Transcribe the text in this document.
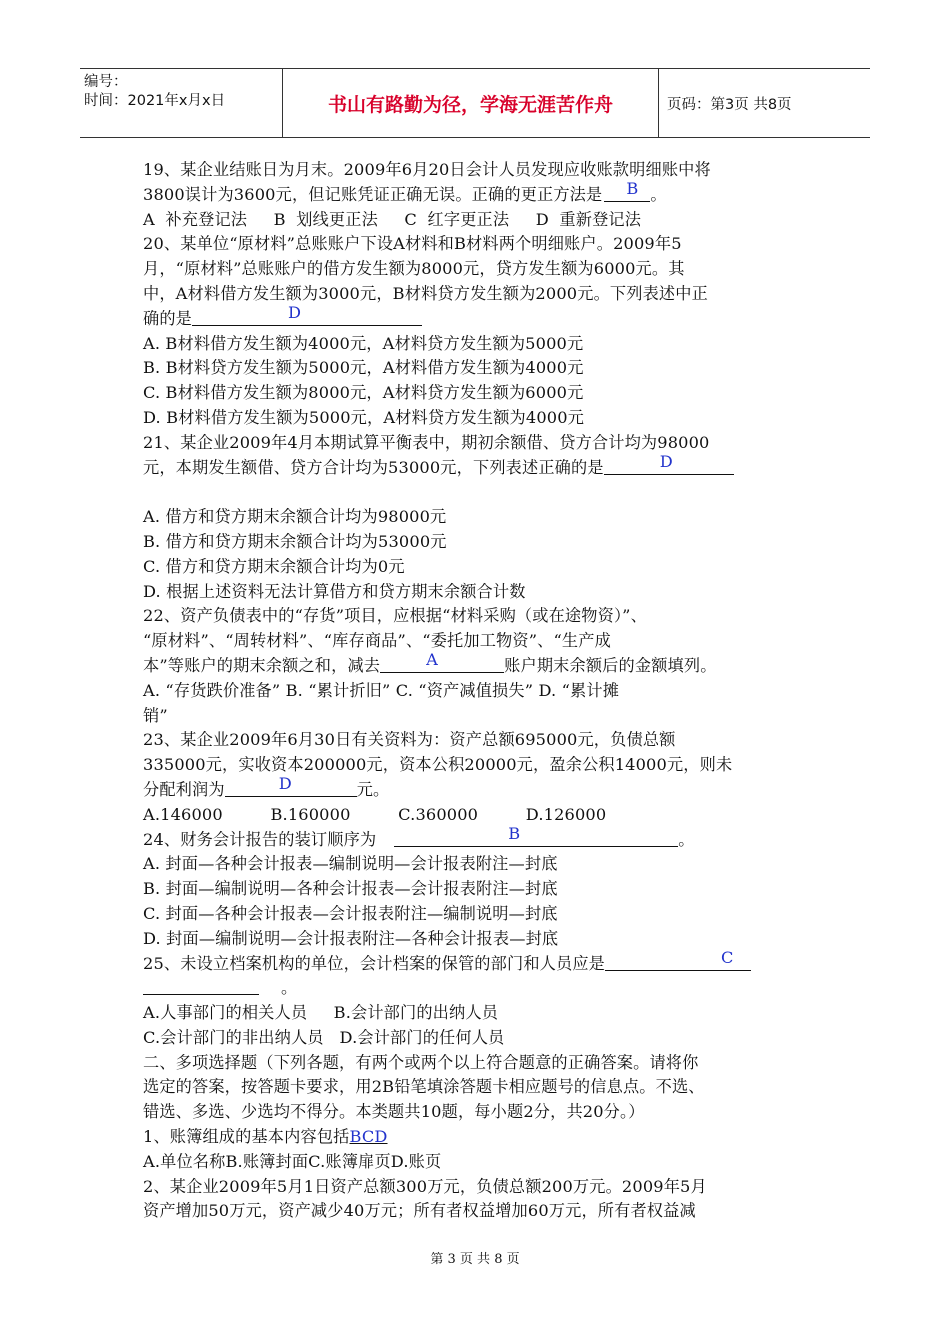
编号：
时间：2021年x月x日	书山有路勤为径，学海无涯苦作舟	页码：第3页 共8页
19、某企业结账日为月末。2009年6月20日会计人员发现应收账款明细账中将
3800误计为3600元，但记账凭证正确无误。正确的更正方法是 B 。
A  补充登记法     B  划线更正法     C  红字更正法     D  重新登记法
20、某单位“原材料”总账账户下设A材料和B材料两个明细账户。2009年5
月，“原材料”总账账户的借方发生额为8000元，贷方发生额为6000元。其
中，A材料借方发生额为3000元，B材料贷方发生额为2000元。下列表述中正
确的是	D
A. B材料借方发生额为4000元，A材料贷方发生额为5000元
B. B材料贷方发生额为5000元，A材料借方发生额为4000元
C. B材料借方发生额为8000元，A材料贷方发生额为6000元
D. B材料借方发生额为5000元，A材料贷方发生额为4000元
21、某企业2009年4月本期试算平衡表中，期初余额借、贷方合计均为98000
元，本期发生额借、贷方合计均为53000元，下列表述正确的是	D
A. 借方和贷方期末余额合计均为98000元
B. 借方和贷方期末余额合计均为53000元
C. 借方和贷方期末余额合计均为0元
D. 根据上述资料无法计算借方和贷方期末余额合计数
22、资产负债表中的“存货”项目，应根据“材料采购（或在途物资）”、
“原材料”、“周转材料”、“库存商品”、“委托加工物资”、“生产成
本”等账户的期末余额之和，减去	A	账户期末余额后的金额填列。
A. “存货跌价准备” B. “累计折旧” C. “资产减值损失” D. “累计摊
销”
23、某企业2009年6月30日有关资料为：资产总额695000元，负债总额
335000元，实收资本200000元，资本公积20000元，盈余公积14000元，则未
分配利润为	D	元。
A.146000         B.160000         C.360000         D.126000
24、财务会计报告的装订顺序为	B	。
A. 封面—各种会计报表—编制说明—会计报表附注—封底
B. 封面—编制说明—各种会计报表—会计报表附注—封底
C. 封面—各种会计报表—会计报表附注—编制说明—封底
D. 封面—编制说明—会计报表附注—各种会计报表—封底
25、未设立档案机构的单位，会计档案的保管的部门和人员应是	C
。
A.人事部门的相关人员     B.会计部门的出纳人员
C.会计部门的非出纳人员   D.会计部门的任何人员
二、多项选择题（下列各题，有两个或两个以上符合题意的正确答案。请将你
选定的答案，按答题卡要求，用2B铅笔填涂答题卡相应题号的信息点。不选、
错选、多选、少选均不得分。本类题共10题，每小题2分，共20分。）
1、账簿组成的基本内容包括BCD
A.单位名称B.账簿封面C.账簿扉页D.账页
2、某企业2009年5月1日资产总额300万元，负债总额200万元。2009年5月
资产增加50万元，资产减少40万元；所有者权益增加60万元，所有者权益减
第 3 页 共 8 页
